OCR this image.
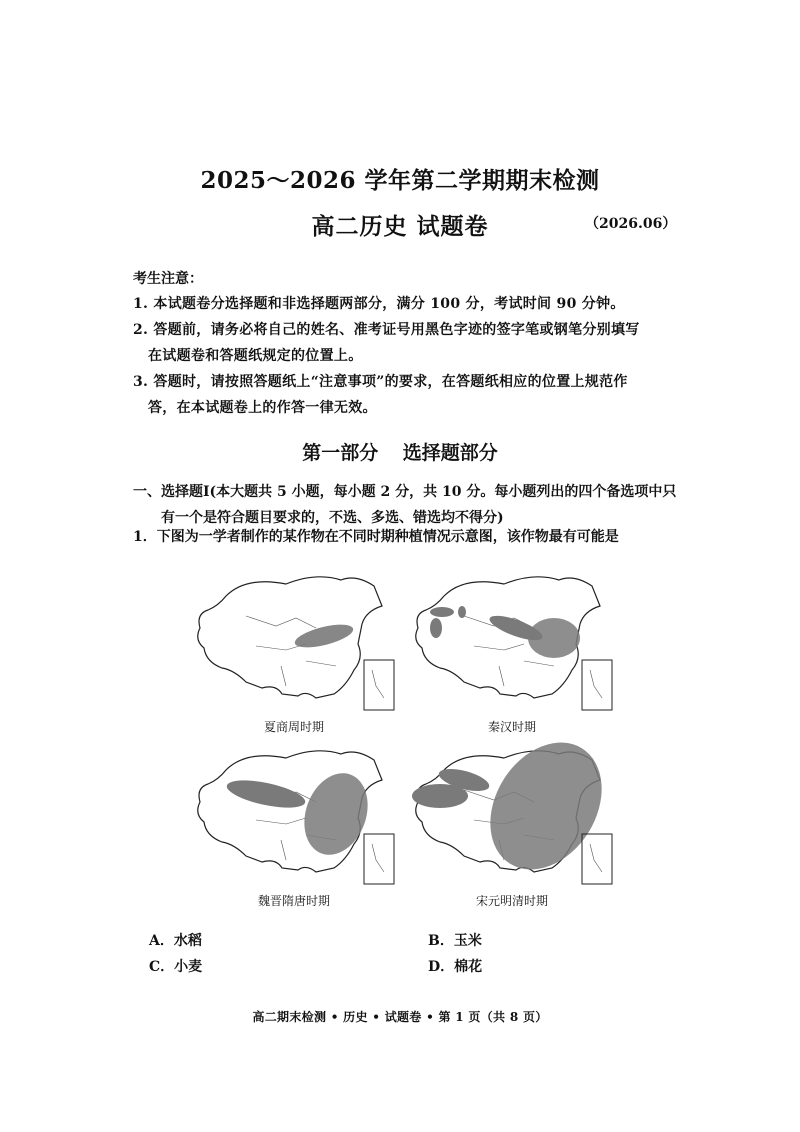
2025～2026 学年第二学期期末检测
高二历史 试题卷	（2026.06）
考生注意：
1. 本试题卷分选择题和非选择题两部分，满分 100 分，考试时间 90 分钟。
2. 答题前，请务必将自己的姓名、准考证号用黑色字迹的签字笔或钢笔分别填写
在试题卷和答题纸规定的位置上。
3. 答题时，请按照答题纸上“注意事项”的要求，在答题纸相应的位置上规范作
答，在本试题卷上的作答一律无效。
第一部分 选择题部分
一、选择题Ⅰ(本大题共 5 小题，每小题 2 分，共 10 分。每小题列出的四个备选项中只
有一个是符合题目要求的，不选、多选、错选均不得分)
1．下图为一学者制作的某作物在不同时期种植情况示意图，该作物最有可能是
夏商周时期	秦汉时期
魏晋隋唐时期	宋元明清时期
A．水稻	B．玉米
C．小麦	D．棉花
高二期末检测 • 历史 • 试题卷 • 第 1 页（共 8 页）
